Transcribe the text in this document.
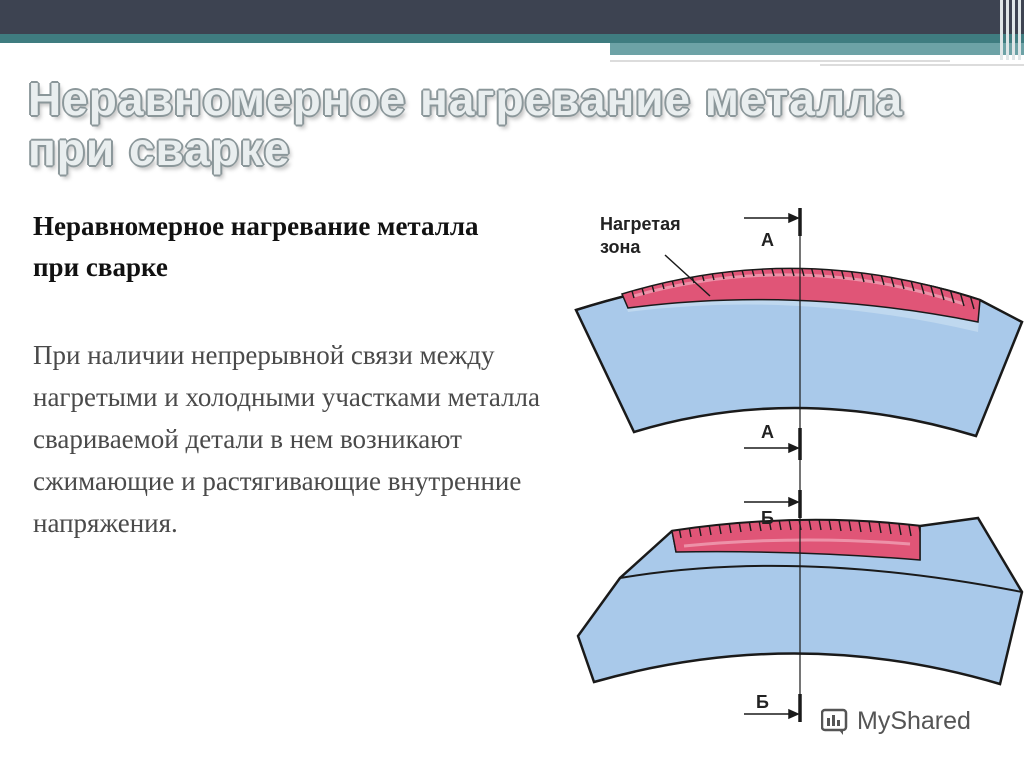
Неравномерное нагревание металла при сварке
Неравномерное нагревание металла при сварке
При наличии непрерывной связи между нагретыми и холодными участками металла свариваемой детали в нем возникают сжимающие и растягивающие внутренние напряжения.
Нагретая
зона	А
А
Б
Б
MyShared
